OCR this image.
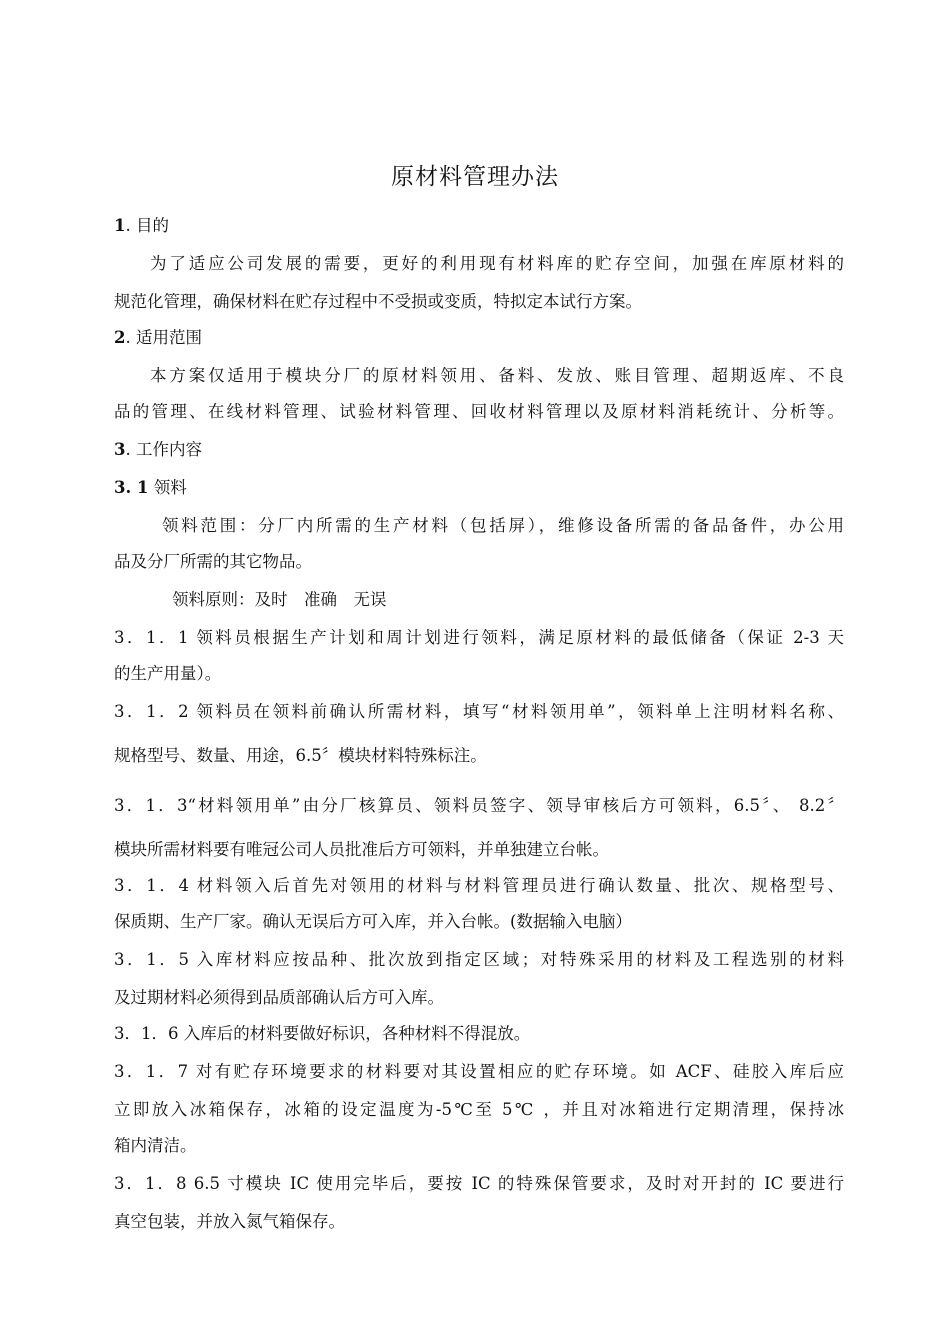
原材料管理办法
1. 目的
为了适应公司发展的需要，更好的利用现有材料库的贮存空间，加强在库原材料的
规范化管理，确保材料在贮存过程中不受损或变质，特拟定本试行方案。
2. 适用范围
本方案仅适用于模块分厂的原材料领用、备料、发放、账目管理、超期返库、不良
品的管理、在线材料管理、试验材料管理、回收材料管理以及原材料消耗统计、分析等。
3. 工作内容
3. 1 领料
领料范围：分厂内所需的生产材料（包括屏），维修设备所需的备品备件，办公用
品及分厂所需的其它物品。
领料原则：及时　准确　无误
3．1．1 领料员根据生产计划和周计划进行领料，满足原材料的最低储备（保证 2-3 天
的生产用量）。
3．1．2 领料员在领料前确认所需材料，填写“材料领用单”，领料单上注明材料名称、
规格型号、数量、用途，6.5〞模块材料特殊标注。
3．1．3“材料领用单”由分厂核算员、领料员签字、领导审核后方可领料，6.5〞、 8.2〞
模块所需材料要有唯冠公司人员批准后方可领料，并单独建立台帐。
3．1．4 材料领入后首先对领用的材料与材料管理员进行确认数量、批次、规格型号、
保质期、生产厂家。确认无误后方可入库，并入台帐。(数据输入电脑）
3．1．5 入库材料应按品种、批次放到指定区域；对特殊采用的材料及工程选别的材料
及过期材料必须得到品质部确认后方可入库。
3．1．6 入库后的材料要做好标识，各种材料不得混放。
3．1．7 对有贮存环境要求的材料要对其设置相应的贮存环境。如 ACF、硅胶入库后应
立即放入冰箱保存，冰箱的设定温度为-5℃至 5℃ ，并且对冰箱进行定期清理，保持冰
箱内清洁。
3．1．8 6.5 寸模块 IC 使用完毕后，要按 IC 的特殊保管要求，及时对开封的 IC 要进行
真空包装，并放入氮气箱保存。
